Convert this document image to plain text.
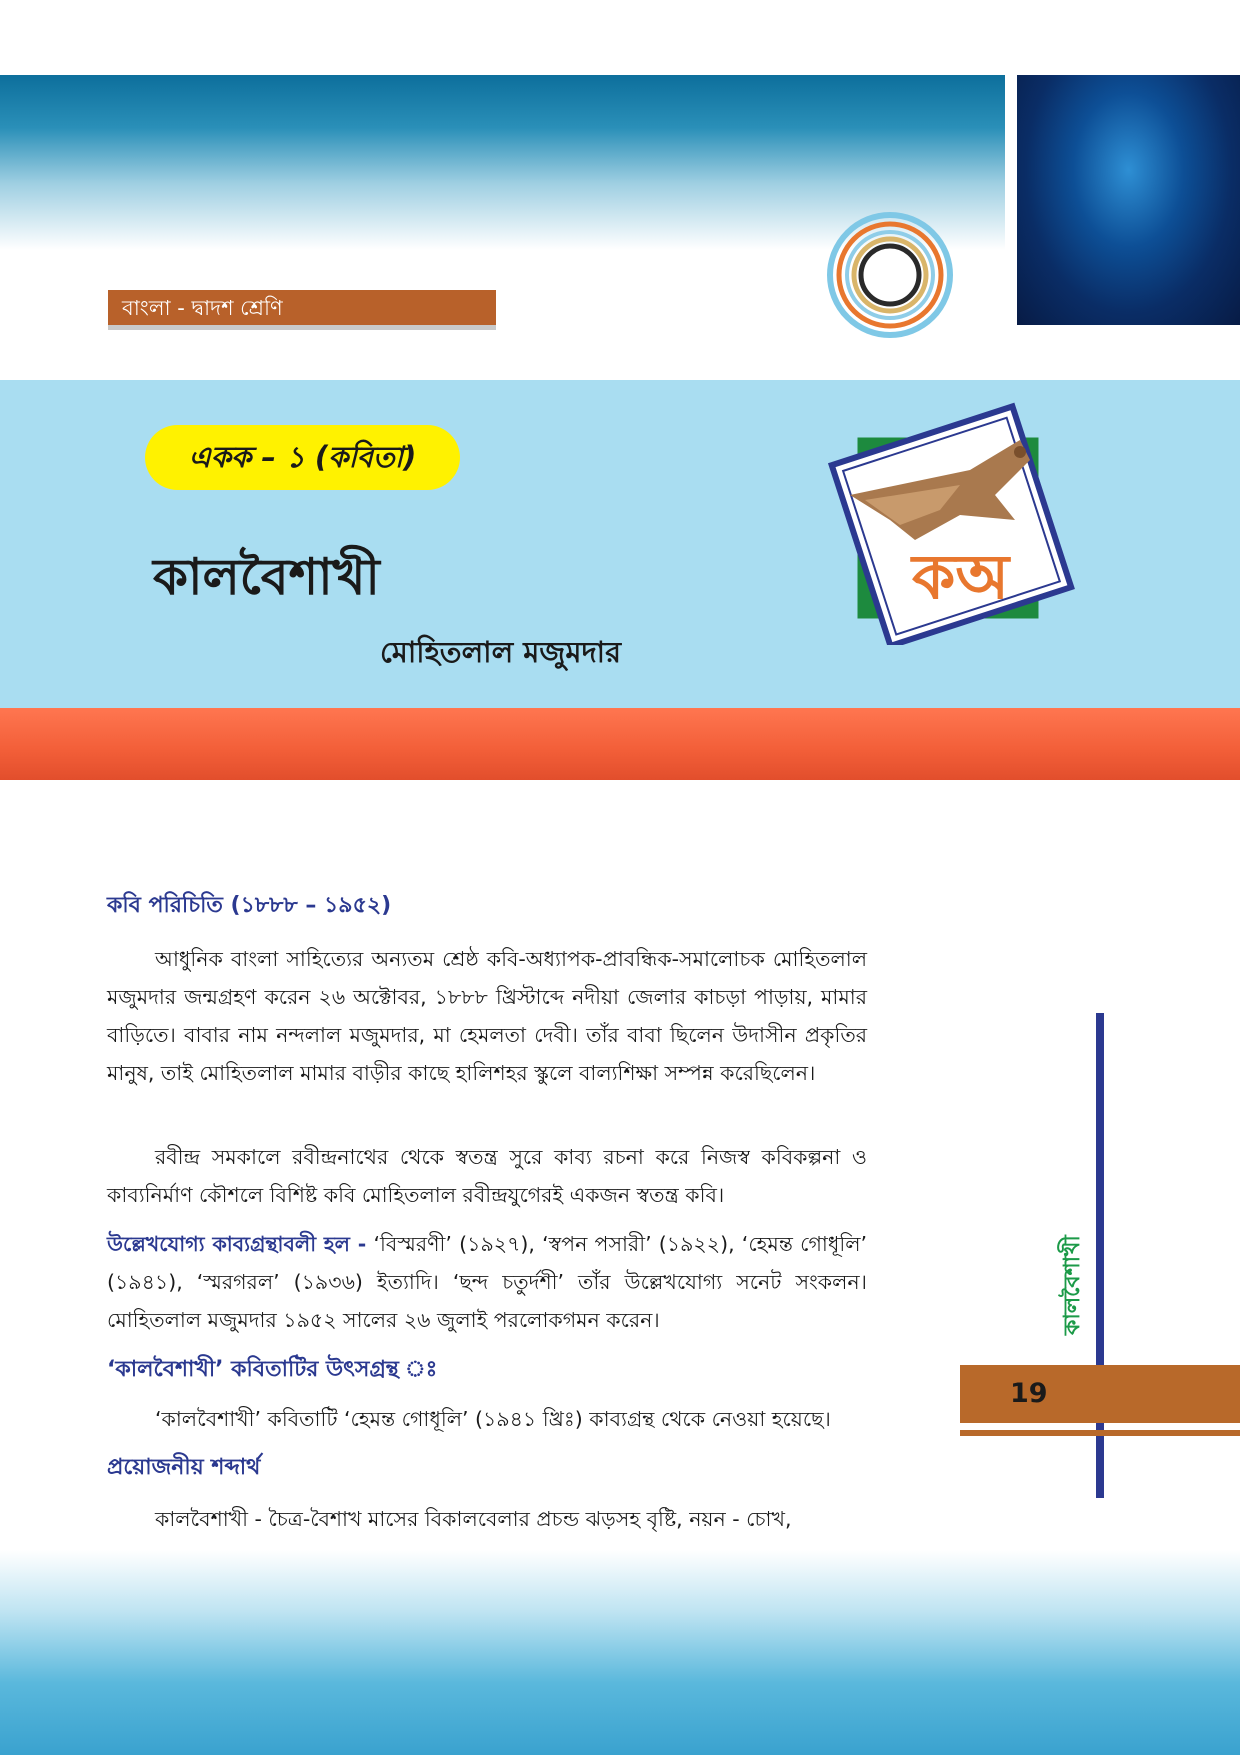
বাংলা - দ্বাদশ শ্রেণি
একক – ১ (কবিতা)
কালবৈশাখী
মোহিতলাল মজুমদার
কঅ
কবি পরিচিতি (১৮৮৮ – ১৯৫২)
আধুনিক বাংলা সাহিত্যের অন্যতম শ্রেষ্ঠ কবি-অধ্যাপক-প্রাবন্ধিক-সমালোচক মোহিতলাল মজুমদার জন্মগ্রহণ করেন ২৬ অক্টোবর, ১৮৮৮ খ্রিস্টাব্দে নদীয়া জেলার কাচড়া পাড়ায়, মামার বাড়িতে। বাবার নাম নন্দলাল মজুমদার, মা হেমলতা দেবী। তাঁর বাবা ছিলেন উদাসীন প্রকৃতির মানুষ, তাই মোহিতলাল মামার বাড়ীর কাছে হালিশহর স্কুলে বাল্যশিক্ষা সম্পন্ন করেছিলেন।
রবীন্দ্র সমকালে রবীন্দ্রনাথের থেকে স্বতন্ত্র সুরে কাব্য রচনা করে নিজস্ব কবিকল্পনা ও কাব্যনির্মাণ কৌশলে বিশিষ্ট কবি মোহিতলাল রবীন্দ্রযুগেরই একজন স্বতন্ত্র কবি।
উল্লেখযোগ্য কাব্যগ্রন্থাবলী হল - ‘বিস্মরণী’ (১৯২৭), ‘স্বপন পসারী’ (১৯২২), ‘হেমন্ত গোধূলি’ (১৯৪১), ‘স্মরগরল’ (১৯৩৬) ইত্যাদি। ‘ছন্দ চতুর্দশী’ তাঁর উল্লেখযোগ্য সনেট সংকলন। মোহিতলাল মজুমদার ১৯৫২ সালের ২৬ জুলাই পরলোকগমন করেন।
‘কালবৈশাখী’ কবিতাটির উৎসগ্রন্থ ঃ
‘কালবৈশাখী’ কবিতাটি ‘হেমন্ত গোধূলি’ (১৯৪১ খ্রিঃ) কাব্যগ্রন্থ থেকে নেওয়া হয়েছে।
প্রয়োজনীয় শব্দার্থ
কালবৈশাখী - চৈত্র-বৈশাখ মাসের বিকালবেলার প্রচন্ড ঝড়সহ বৃষ্টি, নয়ন - চোখ,
কালবৈশাখী
19
